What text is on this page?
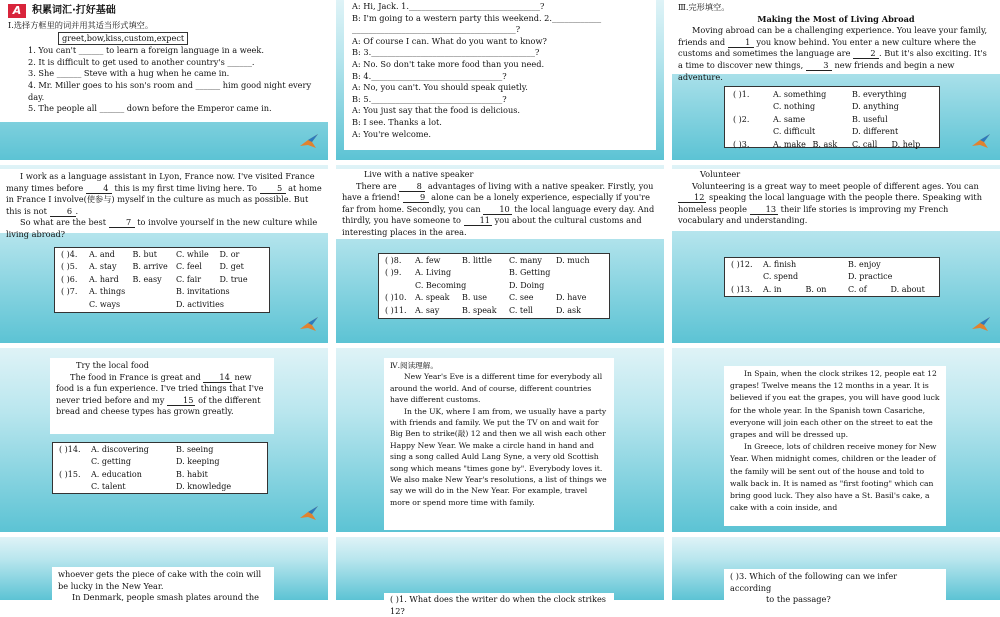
A	积累词汇·打好基础

Ⅰ.选择方框里的词并用其适当形式填空。

greet,bow,kiss,custom,expect

1. You can't ______ to learn a foreign language in a week.

2. It is difficult to get used to another country's ______.

3. She ______ Steve with a hug when he came in.

4. Mr. Miller goes to his son's room and ______ him good night every day.

5. The people all ______ down before the Emperor came in.

A: Hi, Jack. 1.________________________________?

B: I'm going to a western party this weekend. 2.____________

________________________________________?

A: Of course I can. What do you want to know?

B: 3.________________________________________?

A: No. So don't take more food than you need.

B: 4.________________________________?

A: No, you can't. You should speak quietly.

B: 5.________________________________?

A: You just say that the food is delicious.

B: I see. Thanks a lot.

A: You're welcome.

Ⅲ.完形填空。

Making the Most of Living Abroad

Moving abroad can be a challenging experience. You leave your family, friends and 1 you know behind. You enter a new culture where the customs and sometimes the language are 2 . But it's also exciting. It's a time to discover new things, 3 new friends and begin a new adventure.

( )1.	A. something	B. everything
C. nothing	D. anything
( )2.	A. same	B. useful
C. difficult	D. different
( )3.	A. make B. ask	C. call	D. help

I work as a language assistant in Lyon, France now. I've visited France many times before 4 this is my first time living here. To 5 at home in France I involve(使参与) myself in the culture as much as possible. But this is not 6 .

So what are the best 7 to involve yourself in the new culture while living abroad?

( )4.	A. and	B. but	C. while	D. or
( )5.	A. stay	B. arrive	C. feel	D. get
( )6.	A. hard	B. easy	C. fair	D. true
( )7.	A. things	B. invitations
C. ways	D. activities

Live with a native speaker

There are 8 advantages of living with a native speaker. Firstly, you have a friend! 9 alone can be a lonely experience, especially if you're far from home. Secondly, you can 10 the local language every day. And thirdly, you have someone to 11 you about the cultural customs and interesting places in the area.

( )8.	A. few	B. little	C. many	D. much
( )9.	A. Living	B. Getting
C. Becoming	D. Doing
( )10.	A. speak	B. use	C. see	D. have
( )11.	A. say	B. speak	C. tell	D. ask

Volunteer

Volunteering is a great way to meet people of different ages. You can 12 speaking the local language with the people there. Speaking with homeless people 13 their life stories is improving my French vocabulary and understanding.

( )12.	A. finish	B. enjoy
C. spend	D. practice
( )13.	A. in	B. on	C. of	D. about

Try the local food

The food in France is great and 14 new food is a fun experience. I've tried things that I've never tried before and my 15 of the different bread and cheese types has grown greatly.

( )14.	A. discovering	B. seeing
C. getting	D. keeping
( )15.	A. education	B. habit
C. talent	D. knowledge

Ⅳ.阅读理解。

New Year's Eve is a different time for everybody all around the world. And of course, different countries have different customs.

In the UK, where I am from, we usually have a party with friends and family. We put the TV on and wait for Big Ben to strike(敲) 12 and then we all wish each other Happy New Year. We make a circle hand in hand and sing a song called Auld Lang Syne, a very old Scottish song which means "times gone by". Everybody loves it. We also make New Year's resolutions, a list of things we say we will do in the New Year. For example, travel more or spend more time with family.

In Spain, when the clock strikes 12, people eat 12 grapes! Twelve means the 12 months in a year. It is believed if you eat the grapes, you will have good luck for the whole year. In the Spanish town Casariche, everyone will join each other on the street to eat the grapes and will be dressed up.

In Greece, lots of children receive money for New Year. When midnight comes, children or the leader of the family will be sent out of the house and told to walk back in. It is named as "first footing" which can bring good luck. They also have a St. Basil's cake, a cake with a coin inside, and

whoever gets the piece of cake with the coin will be lucky in the New Year.

In Denmark, people smash plates around the	( )1. What does the writer do when the clock strikes 12?

( )3. Which of the following can we infer according

to the passage?
